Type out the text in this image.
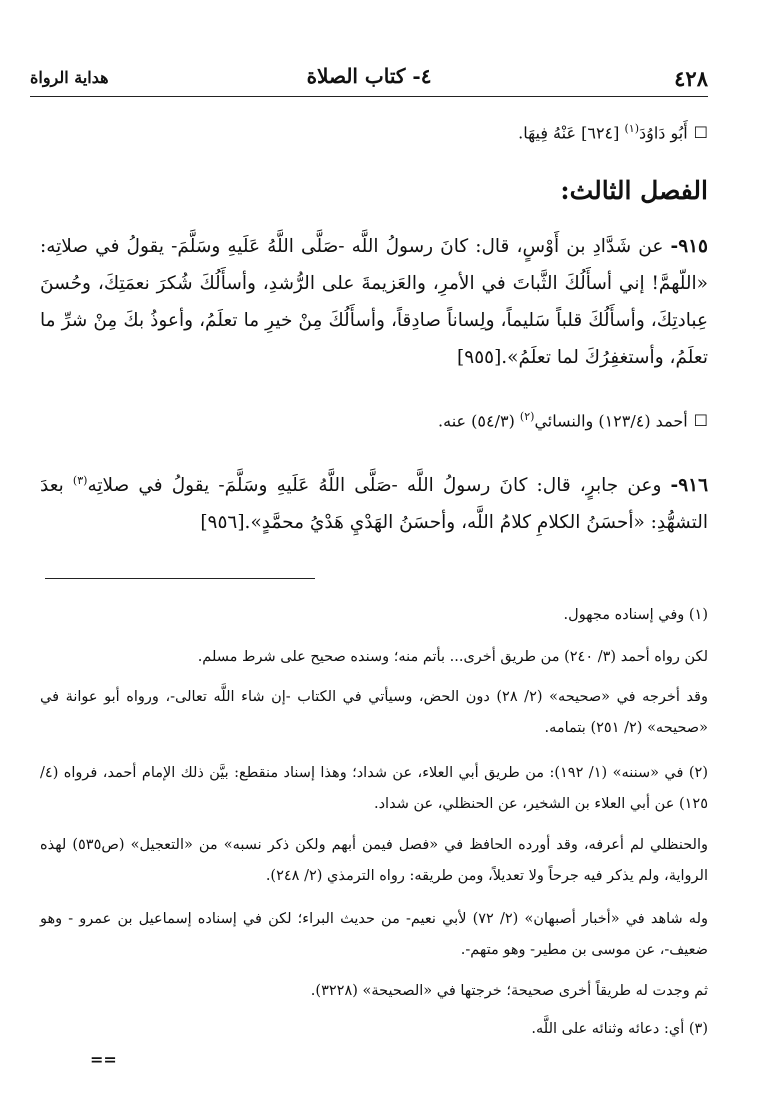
٤٢٨
٤- كتاب الصلاة
هداية الرواة
☐أَبُو دَاوُدَ$^{(١)}$ [٦٢٤] عَنْهُ فِيهَا.
الفصل الثالث:
٩١٥- عن شَدَّادِ بن أَوْسٍ، قال: كانَ رسولُ اللَّه -صَلَّى اللَّهُ عَلَيهِ وسَلَّمَ- يقولُ في صلاتِه: «اللّهمَّ! إني أسأَلُكَ الثَّباتَ في الأمرِ، والعَزيمةَ على الرُّشدِ، وأسأَلُكَ شُكرَ نعمَتِكَ، وحُسنَ عِبادتِكَ، وأسأَلُكَ قلباً سَليماً، ولِساناً صادِقاً، وأسأَلُكَ مِنْ خيرِ ما تعلَمُ، وأعوذُ بكَ مِنْ شرِّ ما تعلَمُ، وأستغفِرُكَ لما تعلَمُ».[٩٥٥]
☐أحمد (١٢٣/٤) والنسائي$^{(٢)}$ (٥٤/٣) عنه.
٩١٦- وعن جابرٍ، قال: كانَ رسولُ اللَّه -صَلَّى اللَّهُ عَلَيهِ وسَلَّمَ- يقولُ في صلاتِه$^{(٣)}$ بعدَ التشهُّدِ: «أحسَنُ الكلامِ كلامُ اللَّه، وأحسَنُ الهَدْيِ هَدْيُ محمَّدٍ».[٩٥٦]
(١) وفي إسناده مجهول.
لكن رواه أحمد (٣/ ٢٤٠) من طريق أخرى... بأتم منه؛ وسنده صحيح على شرط مسلم.
وقد أخرجه في «صحيحه» (٢/ ٢٨) دون الحض، وسيأتي في الكتاب -إن شاء اللَّه تعالى-، ورواه أبو عوانة في «صحيحه» (٢/ ٢٥١) بتمامه.
(٢) في «سننه» (١/ ١٩٢): من طريق أبي العلاء، عن شداد؛ وهذا إسناد منقطع: بيَّن ذلك الإمام أحمد، فرواه (٤/ ١٢٥) عن أبي العلاء بن الشخير، عن الحنظلي، عن شداد.
والحنظلي لم أعرفه، وقد أورده الحافظ في «فصل فيمن أبهم ولكن ذكر نسبه» من «التعجيل» (ص٥٣٥) لهذه الرواية، ولم يذكر فيه جرحاً ولا تعديلاً، ومن طريقه: رواه الترمذي (٢/ ٢٤٨).
وله شاهد في «أخبار أصبهان» (٢/ ٧٢) لأبي نعيم- من حديث البراء؛ لكن في إسناده إسماعيل بن عمرو - وهو ضعيف-، عن موسى بن مطير- وهو متهم-.
ثم وجدت له طريقاً أخرى صحيحة؛ خرجتها في «الصحيحة» (٣٢٢٨).
(٣) أي: دعائه وثنائه على اللَّه.
==
